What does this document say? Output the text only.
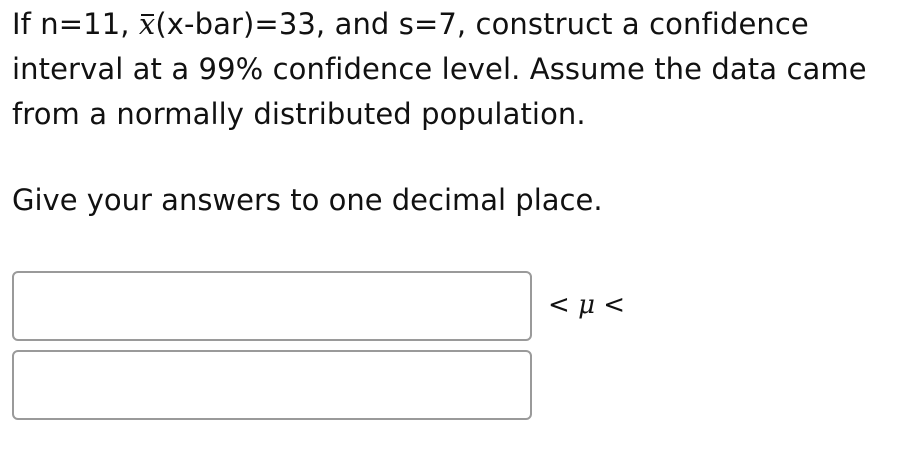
If n=11, x(x-bar)=33, and s=7, construct a confidence interval at a 99% confidence level. Assume the data came from a normally distributed population.
Give your answers to one decimal place.
< μ <
